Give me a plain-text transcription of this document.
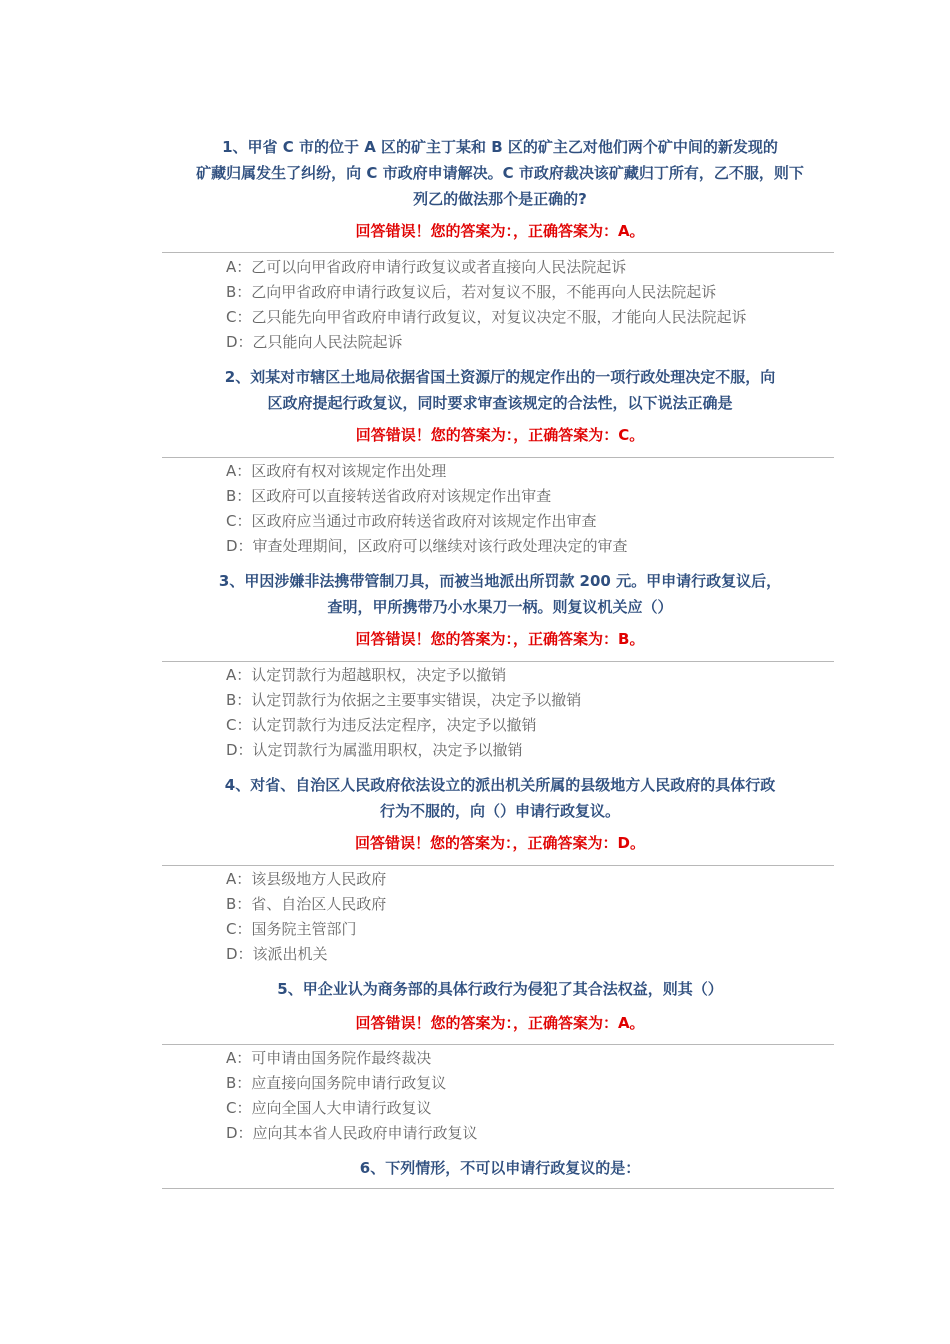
1、甲省 C 市的位于 A 区的矿主丁某和 B 区的矿主乙对他们两个矿中间的新发现的

矿藏归属发生了纠纷，向 C 市政府申请解决。C 市政府裁决该矿藏归丁所有，乙不服，则下

列乙的做法那个是正确的?

回答错误！您的答案为：，正确答案为：A。

A：乙可以向甲省政府申请行政复议或者直接向人民法院起诉

B：乙向甲省政府申请行政复议后，若对复议不服，不能再向人民法院起诉

C：乙只能先向甲省政府申请行政复议，对复议决定不服，才能向人民法院起诉

D：乙只能向人民法院起诉

2、刘某对市辖区土地局依据省国土资源厅的规定作出的一项行政处理决定不服，向

区政府提起行政复议，同时要求审查该规定的合法性，以下说法正确是

回答错误！您的答案为：，正确答案为：C。

A：区政府有权对该规定作出处理

B：区政府可以直接转送省政府对该规定作出审查

C：区政府应当通过市政府转送省政府对该规定作出审查

D：审查处理期间，区政府可以继续对该行政处理决定的审查

3、甲因涉嫌非法携带管制刀具，而被当地派出所罚款 200 元。甲申请行政复议后，

查明，甲所携带乃小水果刀一柄。则复议机关应（）

回答错误！您的答案为：，正确答案为：B。

A：认定罚款行为超越职权，决定予以撤销

B：认定罚款行为依据之主要事实错误，决定予以撤销

C：认定罚款行为违反法定程序，决定予以撤销

D：认定罚款行为属滥用职权，决定予以撤销

4、对省、自治区人民政府依法设立的派出机关所属的县级地方人民政府的具体行政

行为不服的，向（）申请行政复议。

回答错误！您的答案为：，正确答案为：D。

A：该县级地方人民政府

B：省、自治区人民政府

C：国务院主管部门

D：该派出机关

5、甲企业认为商务部的具体行政行为侵犯了其合法权益，则其（）

回答错误！您的答案为：，正确答案为：A。

A：可申请由国务院作最终裁决

B：应直接向国务院申请行政复议

C：应向全国人大申请行政复议

D：应向其本省人民政府申请行政复议

6、下列情形，不可以申请行政复议的是：
